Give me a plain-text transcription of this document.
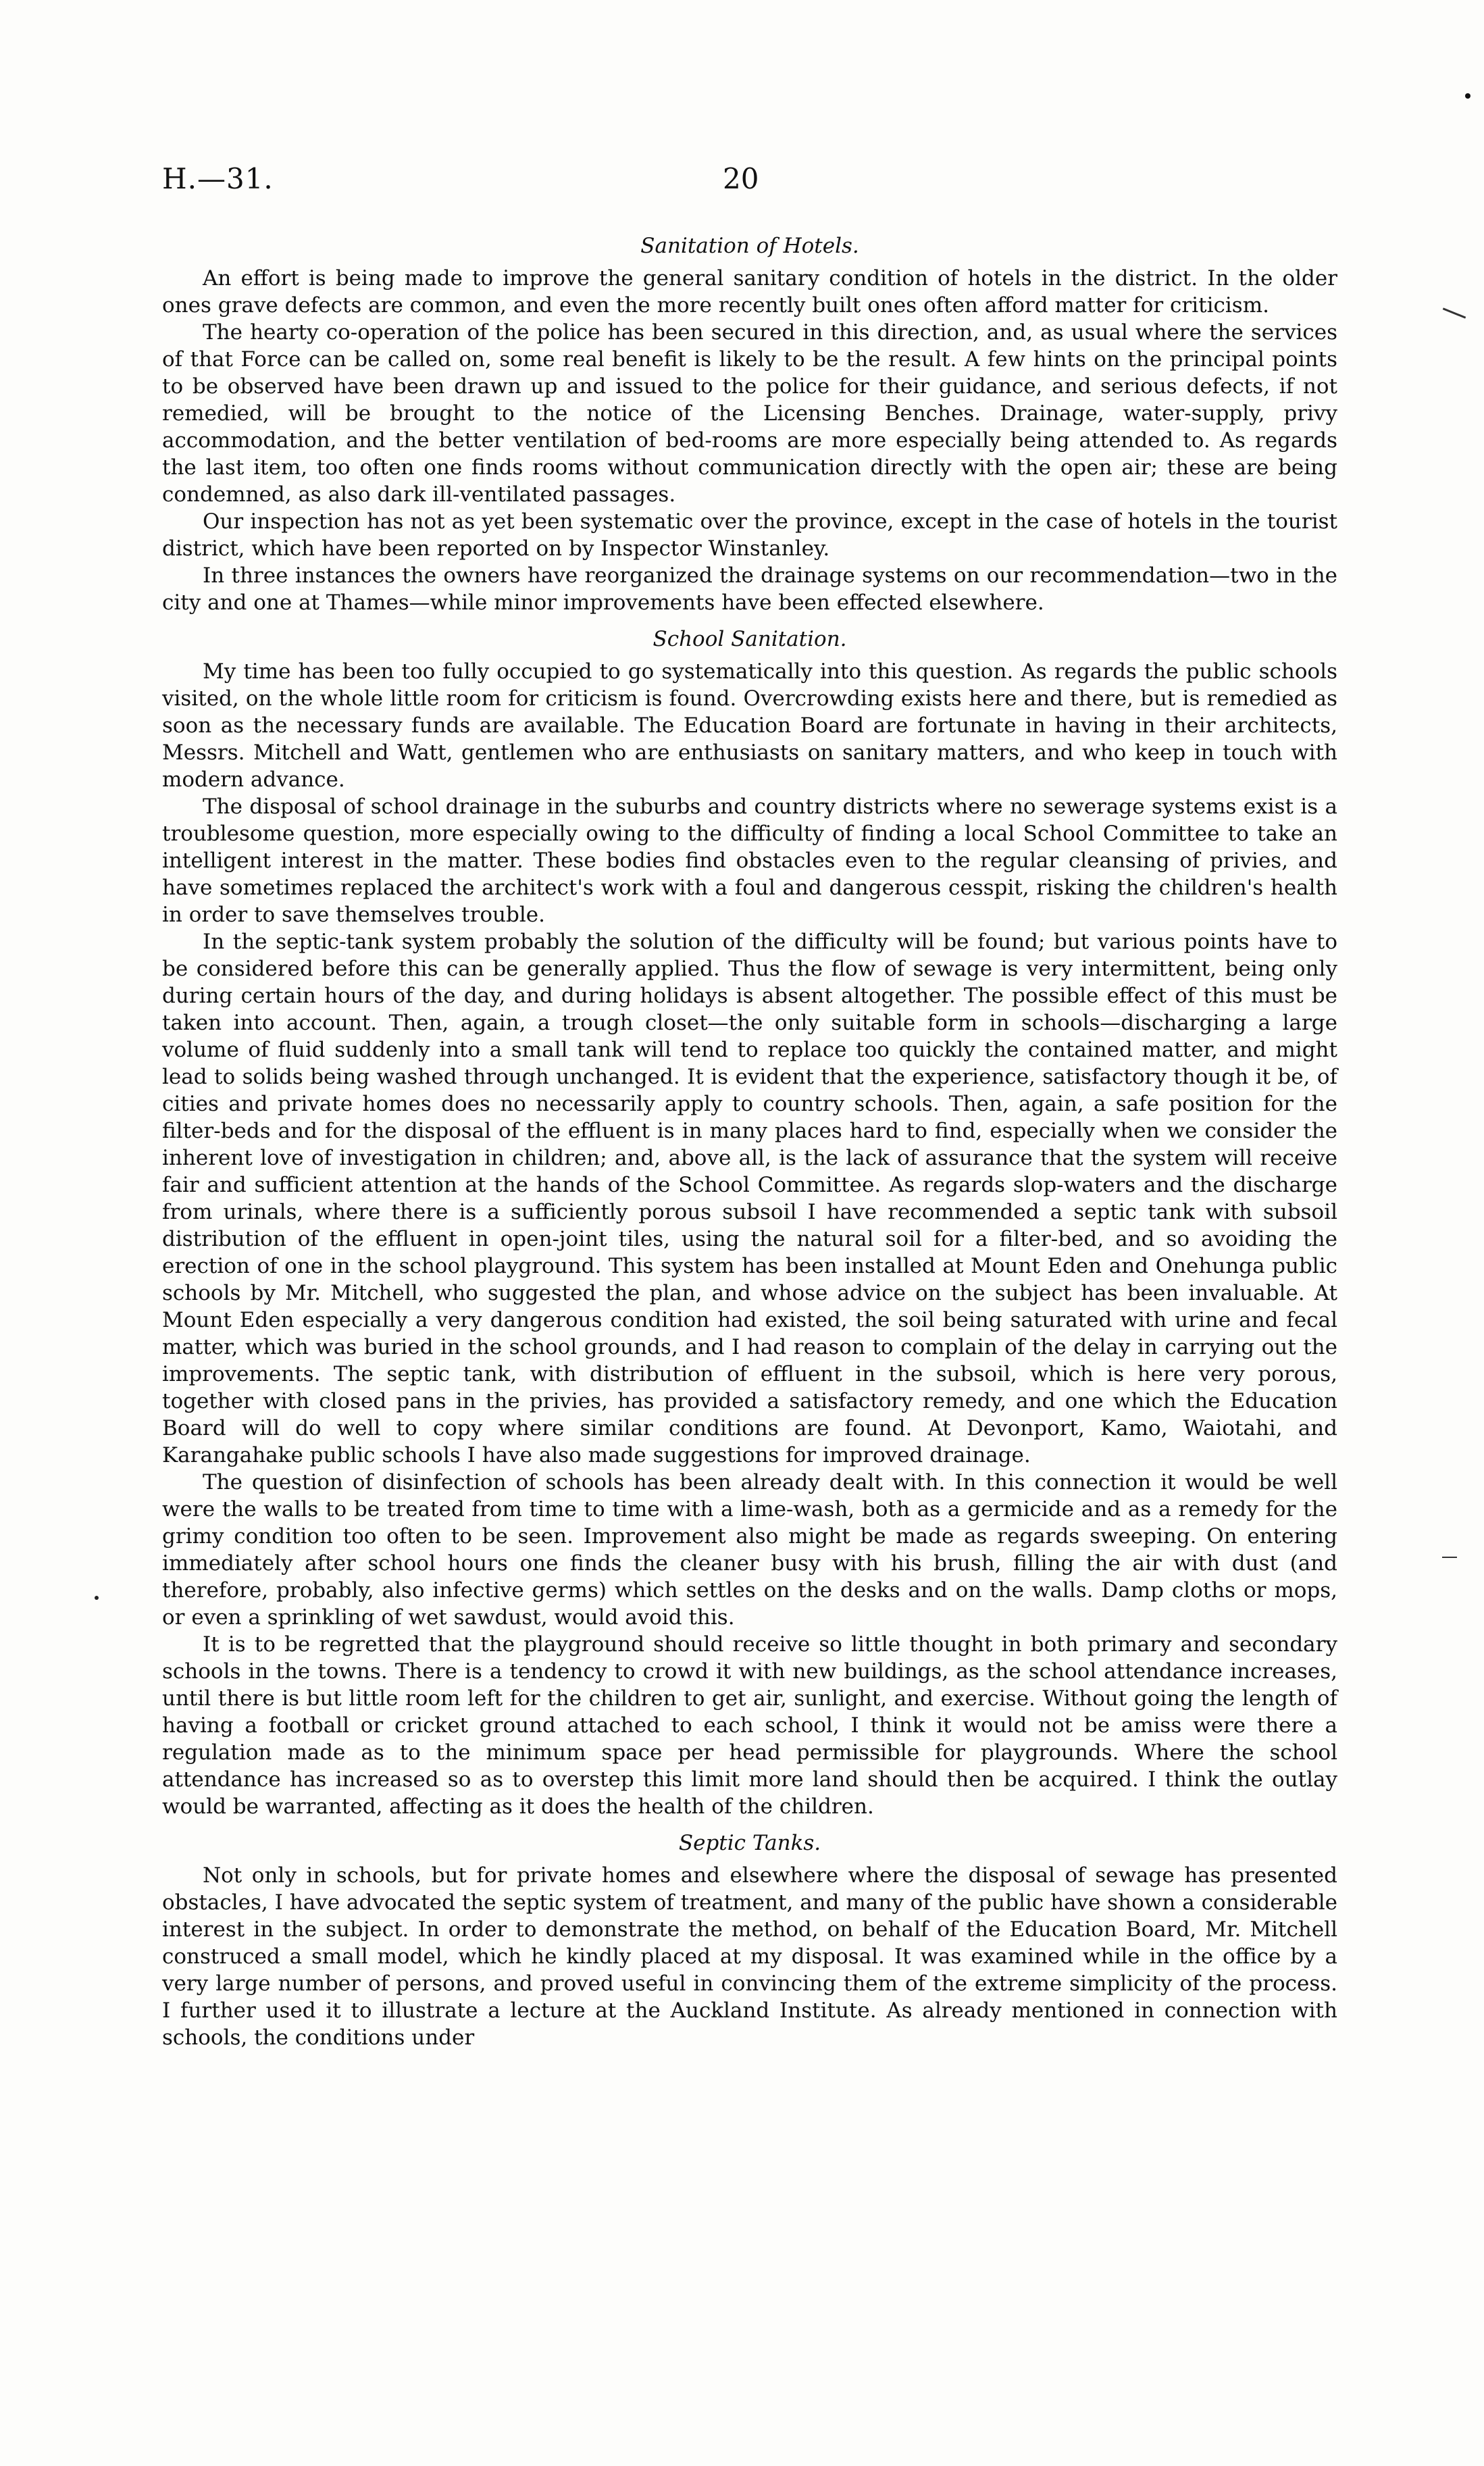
H.—31.	20
Sanitation of Hotels.

An effort is being made to improve the general sanitary condition of hotels in the district. In the older ones grave defects are common, and even the more recently built ones often afford matter for criticism.

The hearty co-operation of the police has been secured in this direction, and, as usual where the services of that Force can be called on, some real benefit is likely to be the result. A few hints on the principal points to be observed have been drawn up and issued to the police for their guidance, and serious defects, if not remedied, will be brought to the notice of the Licensing Benches. Drainage, water-supply, privy accommodation, and the better ventilation of bed-rooms are more especially being attended to. As regards the last item, too often one finds rooms without communication directly with the open air; these are being condemned, as also dark ill-ventilated passages.

Our inspection has not as yet been systematic over the province, except in the case of hotels in the tourist district, which have been reported on by Inspector Winstanley.

In three instances the owners have reorganized the drainage systems on our recommendation—two in the city and one at Thames—while minor improvements have been effected elsewhere.

School Sanitation.

My time has been too fully occupied to go systematically into this question. As regards the public schools visited, on the whole little room for criticism is found. Overcrowding exists here and there, but is remedied as soon as the necessary funds are available. The Education Board are fortunate in having in their architects, Messrs. Mitchell and Watt, gentlemen who are enthusiasts on sanitary matters, and who keep in touch with modern advance.

The disposal of school drainage in the suburbs and country districts where no sewerage systems exist is a troublesome question, more especially owing to the difficulty of finding a local School Committee to take an intelligent interest in the matter. These bodies find obstacles even to the regular cleansing of privies, and have sometimes replaced the architect's work with a foul and dangerous cesspit, risking the children's health in order to save themselves trouble.

In the septic-tank system probably the solution of the difficulty will be found; but various points have to be considered before this can be generally applied. Thus the flow of sewage is very intermittent, being only during certain hours of the day, and during holidays is absent altogether. The possible effect of this must be taken into account. Then, again, a trough closet—the only suitable form in schools—discharging a large volume of fluid suddenly into a small tank will tend to replace too quickly the contained matter, and might lead to solids being washed through unchanged. It is evident that the experience, satisfactory though it be, of cities and private homes does no necessarily apply to country schools. Then, again, a safe position for the filter-beds and for the disposal of the effluent is in many places hard to find, especially when we consider the inherent love of investigation in children; and, above all, is the lack of assurance that the system will receive fair and sufficient attention at the hands of the School Committee. As regards slop-waters and the discharge from urinals, where there is a sufficiently porous subsoil I have recommended a septic tank with subsoil distribution of the effluent in open-joint tiles, using the natural soil for a filter-bed, and so avoiding the erection of one in the school playground. This system has been installed at Mount Eden and Onehunga public schools by Mr. Mitchell, who suggested the plan, and whose advice on the subject has been invaluable. At Mount Eden especially a very dangerous condition had existed, the soil being saturated with urine and fecal matter, which was buried in the school grounds, and I had reason to complain of the delay in carrying out the improvements. The septic tank, with distribution of effluent in the subsoil, which is here very porous, together with closed pans in the privies, has provided a satisfactory remedy, and one which the Education Board will do well to copy where similar conditions are found. At Devonport, Kamo, Waiotahi, and Karangahake public schools I have also made suggestions for improved drainage.

The question of disinfection of schools has been already dealt with. In this connection it would be well were the walls to be treated from time to time with a lime-wash, both as a germicide and as a remedy for the grimy condition too often to be seen. Improvement also might be made as regards sweeping. On entering immediately after school hours one finds the cleaner busy with his brush, filling the air with dust (and therefore, probably, also infective germs) which settles on the desks and on the walls. Damp cloths or mops, or even a sprinkling of wet sawdust, would avoid this.

It is to be regretted that the playground should receive so little thought in both primary and secondary schools in the towns. There is a tendency to crowd it with new buildings, as the school attendance increases, until there is but little room left for the children to get air, sunlight, and exercise. Without going the length of having a football or cricket ground attached to each school, I think it would not be amiss were there a regulation made as to the minimum space per head permissible for playgrounds. Where the school attendance has increased so as to overstep this limit more land should then be acquired. I think the outlay would be warranted, affecting as it does the health of the children.

Septic Tanks.

Not only in schools, but for private homes and elsewhere where the disposal of sewage has presented obstacles, I have advocated the septic system of treatment, and many of the public have shown a considerable interest in the subject. In order to demonstrate the method, on behalf of the Education Board, Mr. Mitchell construced a small model, which he kindly placed at my disposal. It was examined while in the office by a very large number of persons, and proved useful in convincing them of the extreme simplicity of the process. I further used it to illustrate a lecture at the Auckland Institute. As already mentioned in connection with schools, the conditions under
